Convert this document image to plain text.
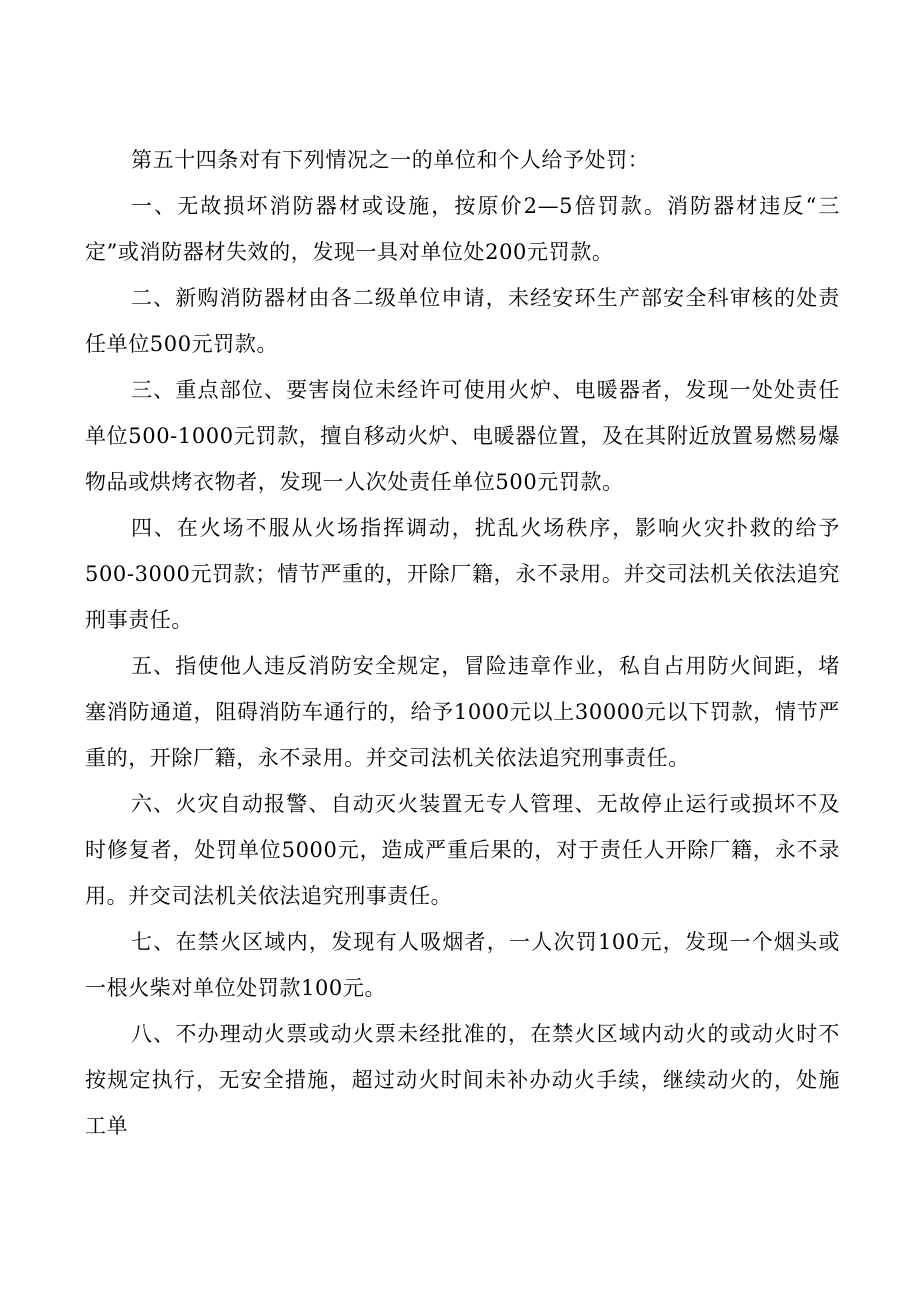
第五十四条对有下列情况之一的单位和个人给予处罚：

一、无故损坏消防器材或设施，按原价2—5倍罚款。消防器材违反“三定”或消防器材失效的，发现一具对单位处200元罚款。

二、新购消防器材由各二级单位申请，未经安环生产部安全科审核的处责任单位500元罚款。

三、重点部位、要害岗位未经许可使用火炉、电暖器者，发现一处处责任单位500-1000元罚款，擅自移动火炉、电暖器位置，及在其附近放置易燃易爆物品或烘烤衣物者，发现一人次处责任单位500元罚款。

四、在火场不服从火场指挥调动，扰乱火场秩序，影响火灾扑救的给予500-3000元罚款；情节严重的，开除厂籍，永不录用。并交司法机关依法追究刑事责任。

五、指使他人违反消防安全规定，冒险违章作业，私自占用防火间距，堵塞消防通道，阻碍消防车通行的，给予1000元以上30000元以下罚款，情节严重的，开除厂籍，永不录用。并交司法机关依法追究刑事责任。

六、火灾自动报警、自动灭火装置无专人管理、无故停止运行或损坏不及时修复者，处罚单位5000元，造成严重后果的，对于责任人开除厂籍，永不录用。并交司法机关依法追究刑事责任。

七、在禁火区域内，发现有人吸烟者，一人次罚100元，发现一个烟头或一根火柴对单位处罚款100元。

八、不办理动火票或动火票未经批准的，在禁火区域内动火的或动火时不按规定执行，无安全措施，超过动火时间未补办动火手续，继续动火的，处施工单
